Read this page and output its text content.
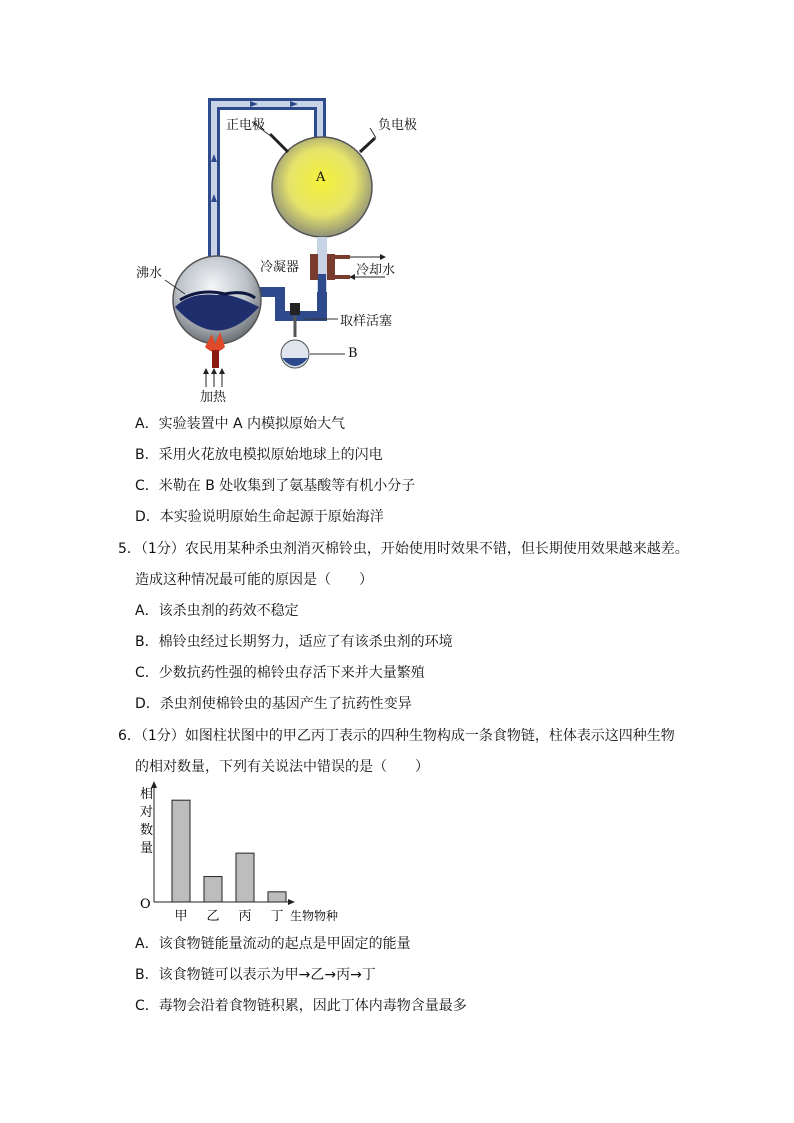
正电极	负电极
A
沸水	冷凝器	冷却水
取样活塞
B
加热
A．实验装置中 A 内模拟原始大气
B．采用火花放电模拟原始地球上的闪电
C．米勒在 B 处收集到了氨基酸等有机小分子
D．本实验说明原始生命起源于原始海洋
5．（1分）农民用某种杀虫剂消灭棉铃虫，开始使用时效果不错，但长期使用效果越来越差。
造成这种情况最可能的原因是（　　）
A．该杀虫剂的药效不稳定
B．棉铃虫经过长期努力，适应了有该杀虫剂的环境
C．少数抗药性强的棉铃虫存活下来并大量繁殖
D．杀虫剂使棉铃虫的基因产生了抗药性变异
6．（1分）如图柱状图中的甲乙丙丁表示的四种生物构成一条食物链，柱体表示这四种生物
的相对数量，下列有关说法中错误的是（　　）
O
相
对
数
量
生物物种
甲 乙 丙 丁
A．该食物链能量流动的起点是甲固定的能量
B．该食物链可以表示为甲→乙→丙→丁
C．毒物会沿着食物链积累，因此丁体内毒物含量最多
